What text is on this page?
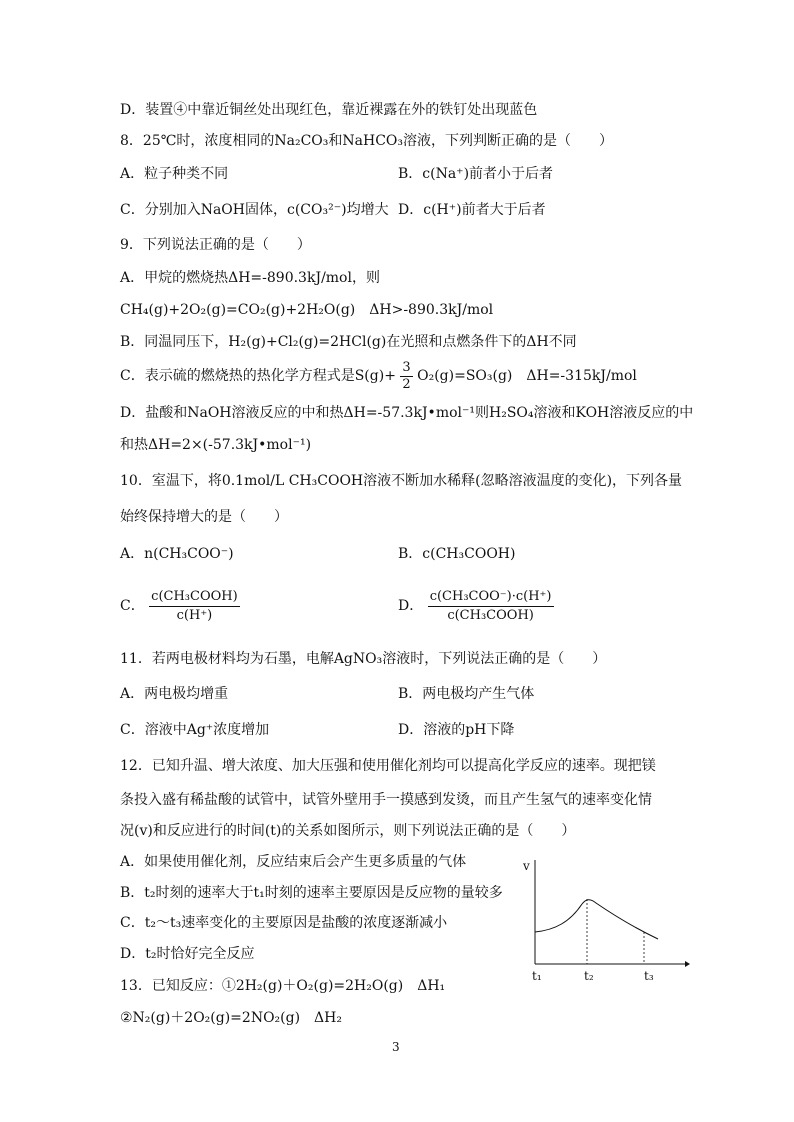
D．装置④中靠近铜丝处出现红色，靠近裸露在外的铁钉处出现蓝色
8．25℃时，浓度相同的Na₂CO₃和NaHCO₃溶液，下列判断正确的是（　　）
A．粒子种类不同	B．c(Na⁺)前者小于后者
C．分别加入NaOH固体，c(CO₃²⁻)均增大 D．c(H⁺)前者大于后者
9．下列说法正确的是（　　）
A．甲烷的燃烧热ΔH=-890.3kJ/mol，则
CH₄(g)+2O₂(g)=CO₂(g)+2H₂O(g)　ΔH>-890.3kJ/mol
B．同温同压下，H₂(g)+Cl₂(g)=2HCl(g)在光照和点燃条件下的ΔH不同
C．表示硫的燃烧热的热化学方程式是$S(g)+ \frac{3}{2} O_2(g)=SO_3(g)$　ΔH=-315kJ/mol
D．盐酸和NaOH溶液反应的中和热ΔH=-57.3kJ•mol⁻¹则H₂SO₄溶液和KOH溶液反应的中
和热ΔH=2×(-57.3kJ•mol⁻¹)
10．室温下，将0.1mol/L CH₃COOH溶液不断加水稀释(忽略溶液温度的变化)，下列各量
始终保持增大的是（　　）
A．n(CH₃COO⁻)	B．c(CH₃COOH)
C． $\frac{\text{c(CH₃COOH)}}{c(H^+)}$	D． $\frac{\text{c(CH₃COO⁻)·c(H⁺)}}{\text{c(CH₃COOH)}}$
11．若两电极材料均为石墨，电解AgNO₃溶液时，下列说法正确的是（　　）
A．两电极均增重	B．两电极均产生气体
C．溶液中Ag⁺浓度增加	D．溶液的pH下降
12．已知升温、增大浓度、加大压强和使用催化剂均可以提高化学反应的速率。现把镁
条投入盛有稀盐酸的试管中，试管外壁用手一摸感到发烫，而且产生氢气的速率变化情
况(v)和反应进行的时间(t)的关系如图所示，则下列说法正确的是（　　）
A．如果使用催化剂，反应结束后会产生更多质量的气体
B．t₂时刻的速率大于t₁时刻的速率主要原因是反应物的量较多
C．t₂～t₃速率变化的主要原因是盐酸的浓度逐渐减小
D．t₂时恰好完全反应
v
t₁	t₂	t₃
13．已知反应：①2H₂(g)＋O₂(g)=2H₂O(g)　ΔH₁
②N₂(g)＋2O₂(g)=2NO₂(g)　ΔH₂
3
